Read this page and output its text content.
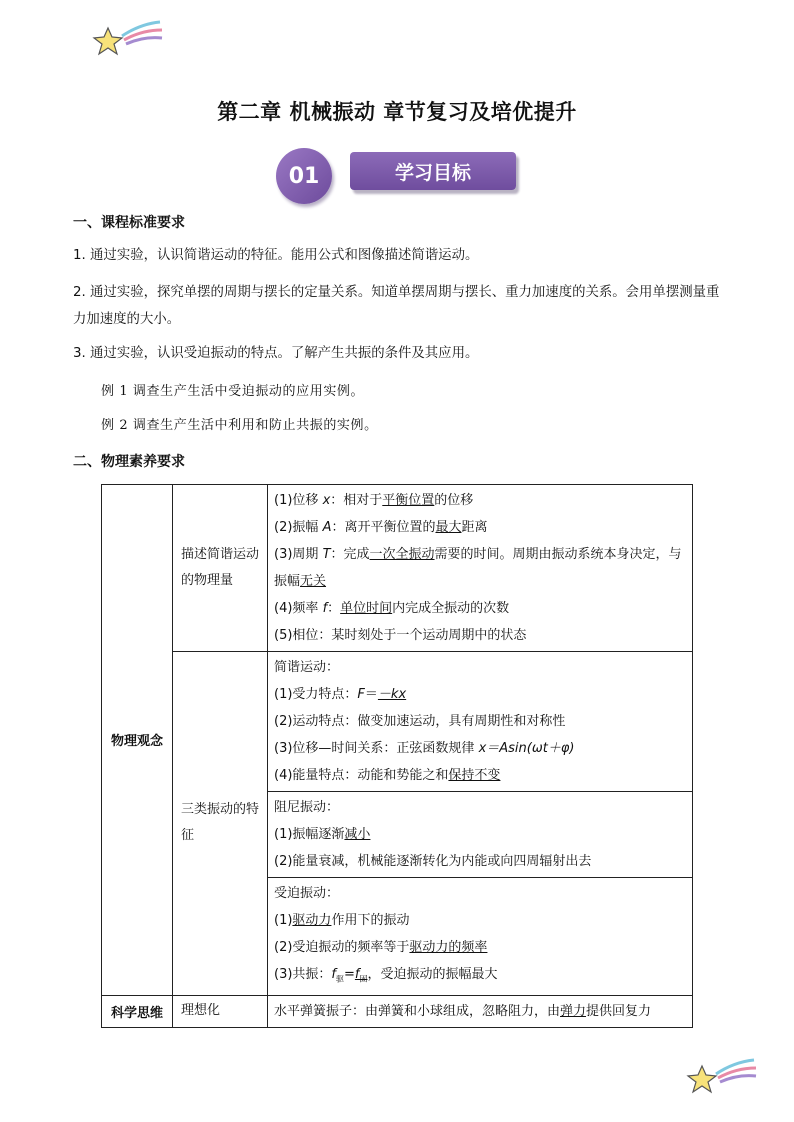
第二章 机械振动 章节复习及培优提升
01	学习目标
一、课程标准要求
1. 通过实验，认识简谐运动的特征。能用公式和图像描述简谐运动。
2. 通过实验，探究单摆的周期与摆长的定量关系。知道单摆周期与摆长、重力加速度的关系。会用单摆测量重力加速度的大小。
3. 通过实验，认识受迫振动的特点。了解产生共振的条件及其应用。
例 1 调查生产生活中受迫振动的应用实例。
例 2 调查生产生活中利用和防止共振的实例。
二、物理素养要求
物理观念	描述简谐运动的物理量	(1)位移 x：相对于平衡位置的位移
(2)振幅 A：离开平衡位置的最大距离
(3)周期 T：完成一次全振动需要的时间。周期由振动系统本身决定，与振幅无关
(4)频率 f：单位时间内完成全振动的次数
(5)相位：某时刻处于一个运动周期中的状态

	三类振动的特征	简谐运动：
(1)受力特点：F＝－kx
(2)运动特点：做变加速运动，具有周期性和对称性
(3)位移—时间关系：正弦函数规律 x＝Asin(ωt＋φ)
(4)能量特点：动能和势能之和保持不变

		阻尼振动：
(1)振幅逐渐减小
(2)能量衰减，机械能逐渐转化为内能或向四周辐射出去

		受迫振动：
(1)驱动力作用下的振动
(2)受迫振动的频率等于驱动力的频率
(3)共振：$f_驱=f_固$，受迫振动的振幅最大

科学思维	理想化	水平弹簧振子：由弹簧和小球组成，忽略阻力，由弹力提供回复力
